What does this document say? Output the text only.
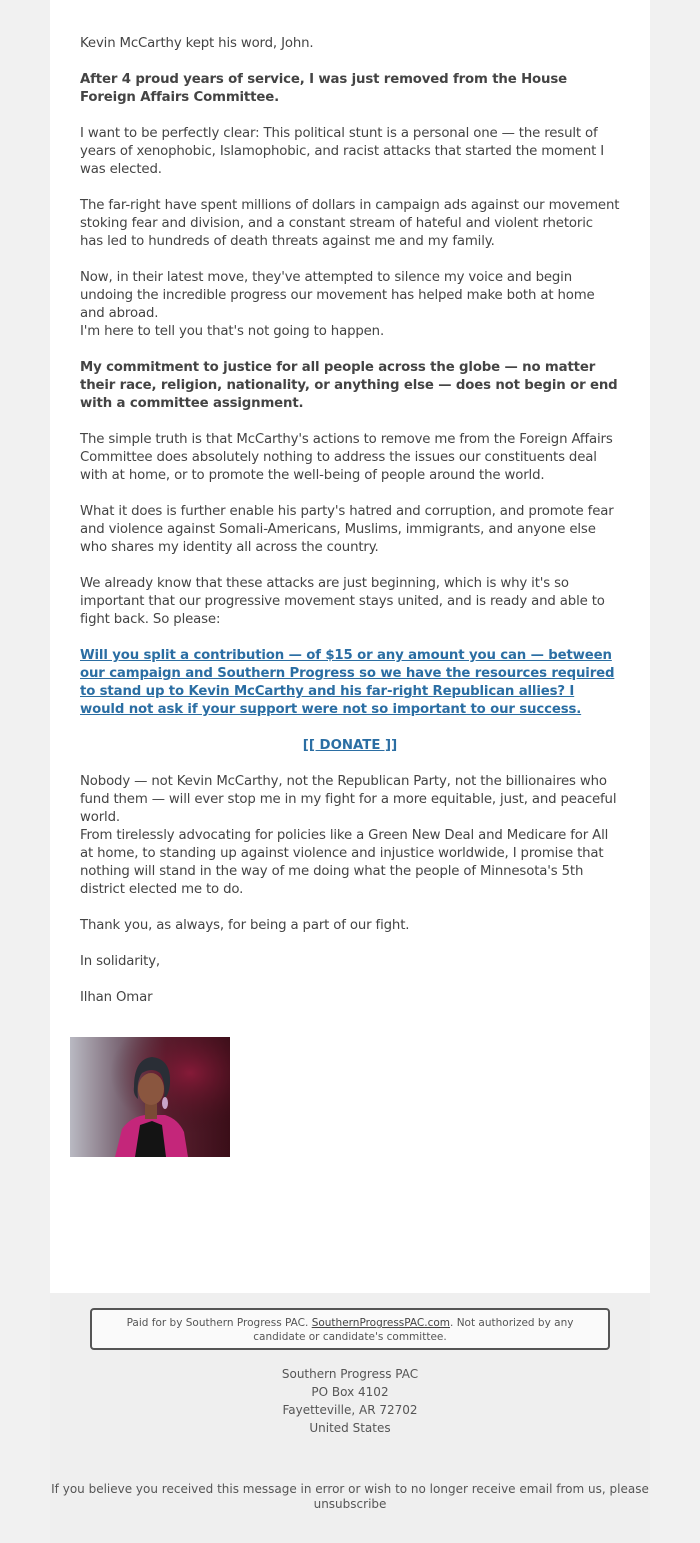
Kevin McCarthy kept his word, John.

After 4 proud years of service, I was just removed from the House Foreign Affairs Committee.

I want to be perfectly clear: This political stunt is a personal one — the result of years of xenophobic, Islamophobic, and racist attacks that started the moment I was elected.

The far-right have spent millions of dollars in campaign ads against our movement stoking fear and division, and a constant stream of hateful and violent rhetoric has led to hundreds of death threats against me and my family.

Now, in their latest move, they've attempted to silence my voice and begin undoing the incredible progress our movement has helped make both at home and abroad.

I'm here to tell you that's not going to happen.

My commitment to justice for all people across the globe — no matter their race, religion, nationality, or anything else — does not begin or end with a committee assignment.

The simple truth is that McCarthy's actions to remove me from the Foreign Affairs Committee does absolutely nothing to address the issues our constituents deal with at home, or to promote the well-being of people around the world.

What it does is further enable his party's hatred and corruption, and promote fear and violence against Somali-Americans, Muslims, immigrants, and anyone else who shares my identity all across the country.

We already know that these attacks are just beginning, which is why it's so important that our progressive movement stays united, and is ready and able to fight back. So please:

Will you split a contribution — of $15 or any amount you can — between our campaign and Southern Progress so we have the resources required to stand up to Kevin McCarthy and his far-right Republican allies? I would not ask if your support were not so important to our success.

[[ DONATE ]]

Nobody — not Kevin McCarthy, not the Republican Party, not the billionaires who fund them — will ever stop me in my fight for a more equitable, just, and peaceful world.

From tirelessly advocating for policies like a Green New Deal and Medicare for All at home, to standing up against violence and injustice worldwide, I promise that nothing will stand in the way of me doing what the people of Minnesota's 5th district elected me to do.

Thank you, as always, for being a part of our fight.

In solidarity,

Ilhan Omar

Paid for by Southern Progress PAC. SouthernProgressPAC.com. Not authorized by any candidate or candidate's committee.
Southern Progress PAC
PO Box 4102
Fayetteville, AR 72702
United States
If you believe you received this message in error or wish to no longer receive email from us, please unsubscribe
